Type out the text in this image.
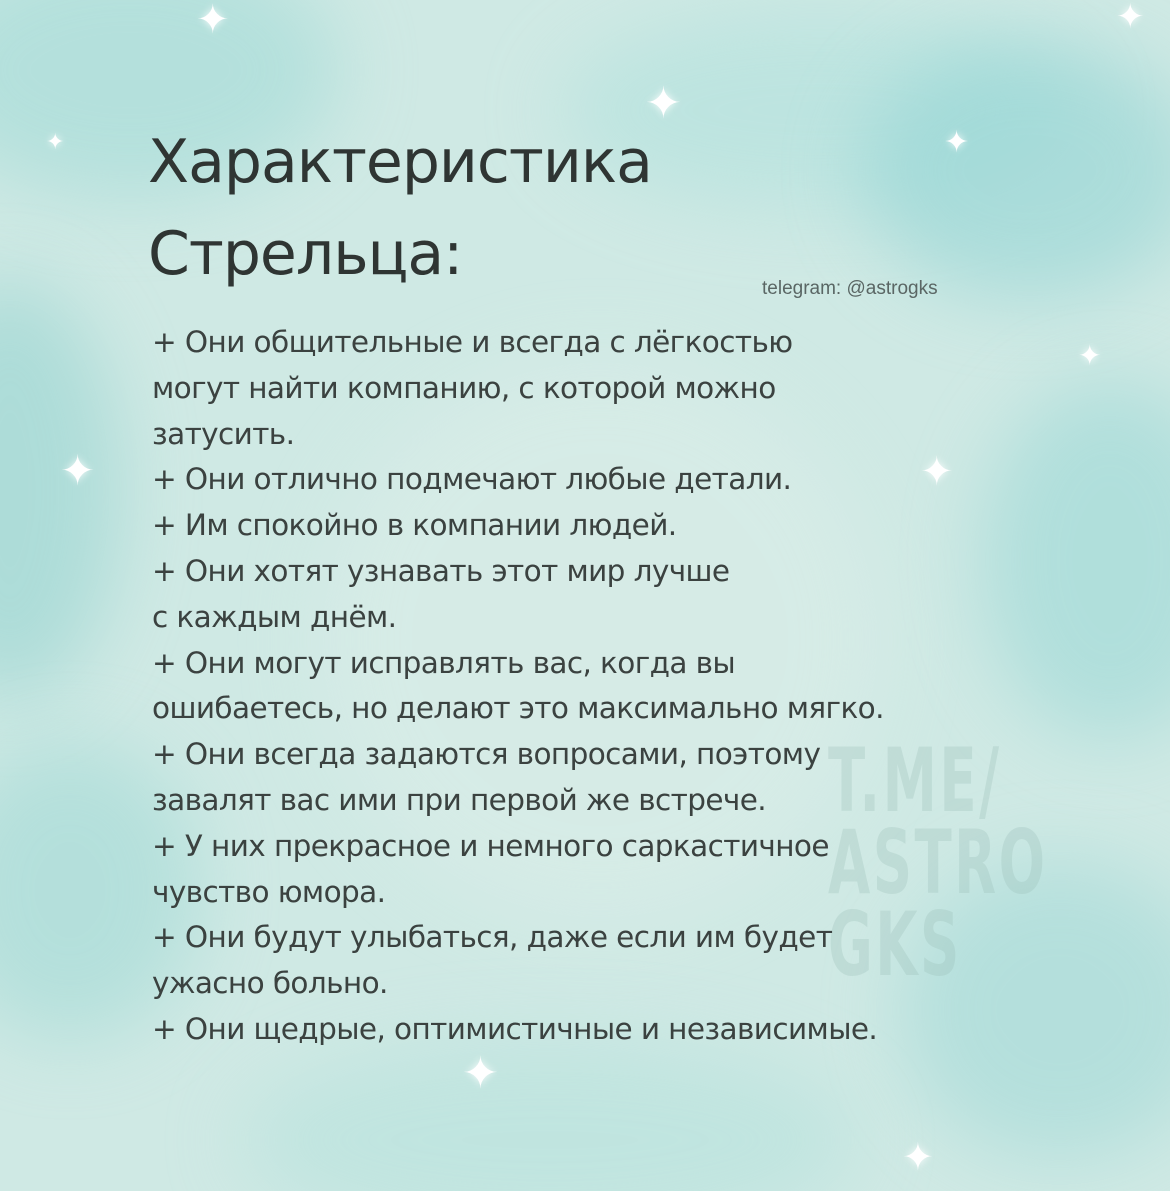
✦
✦
✦
✦
✦
✦	✦
✦
✦
✦
T.ME/
ASTRO
GKS
Характеристика
Стрельца:	telegram: @astrogks
+ Они общительные и всегда с лёгкостью
могут найти компанию, с которой можно
затусить.
+ Они отлично подмечают любые детали.
+ Им спокойно в компании людей.
+ Они хотят узнавать этот мир лучше
с каждым днём.
+ Они могут исправлять вас, когда вы
ошибаетесь, но делают это максимально мягко.
+ Они всегда задаются вопросами, поэтому
завалят вас ими при первой же встрече.
+ У них прекрасное и немного саркастичное
чувство юмора.
+ Они будут улыбаться, даже если им будет
ужасно больно.
+ Они щедрые, оптимистичные и независимые.
